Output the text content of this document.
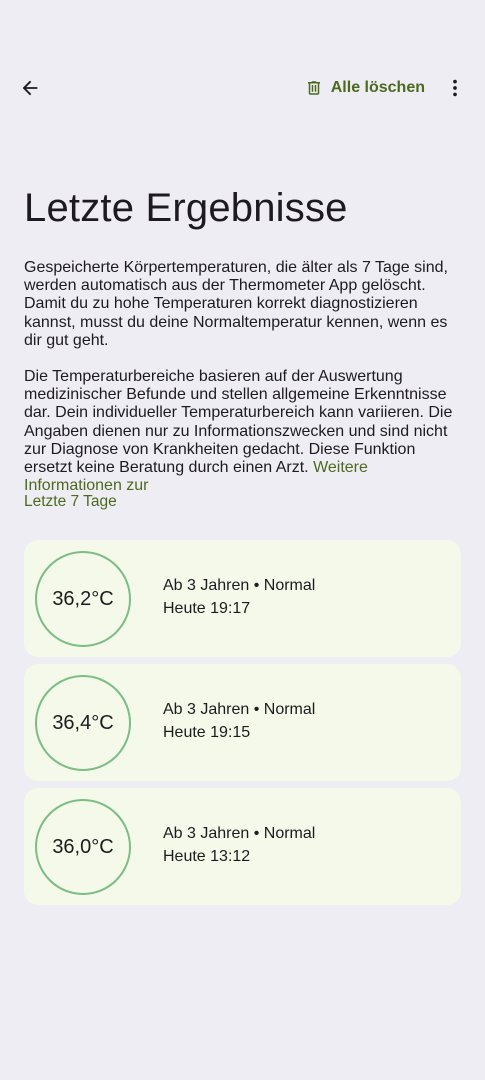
Alle löschen
Letzte Ergebnisse

Gespeicherte Körpertemperaturen, die älter als 7 Tage sind, werden automatisch aus der Thermometer App gelöscht. Damit du zu hohe Temperaturen korrekt diagnostizieren kannst, musst du deine Normaltemperatur kennen, wenn es dir gut geht.

Die Temperaturbereiche basieren auf der Auswertung medizinischer Befunde und stellen allgemeine Erkenntnisse dar. Dein individueller Temperaturbereich kann variieren. Die Angaben dienen nur zu Informationszwecken und sind nicht zur Diagnose von Krankheiten gedacht. Diese Funktion ersetzt keine Beratung durch einen Arzt. Weitere Informationen zur
Letzte 7 Tage
36,2°C
Ab 3 Jahren • Normal
Heute 19:17
36,4°C
Ab 3 Jahren • Normal
Heute 19:15
36,0°C
Ab 3 Jahren • Normal
Heute 13:12
